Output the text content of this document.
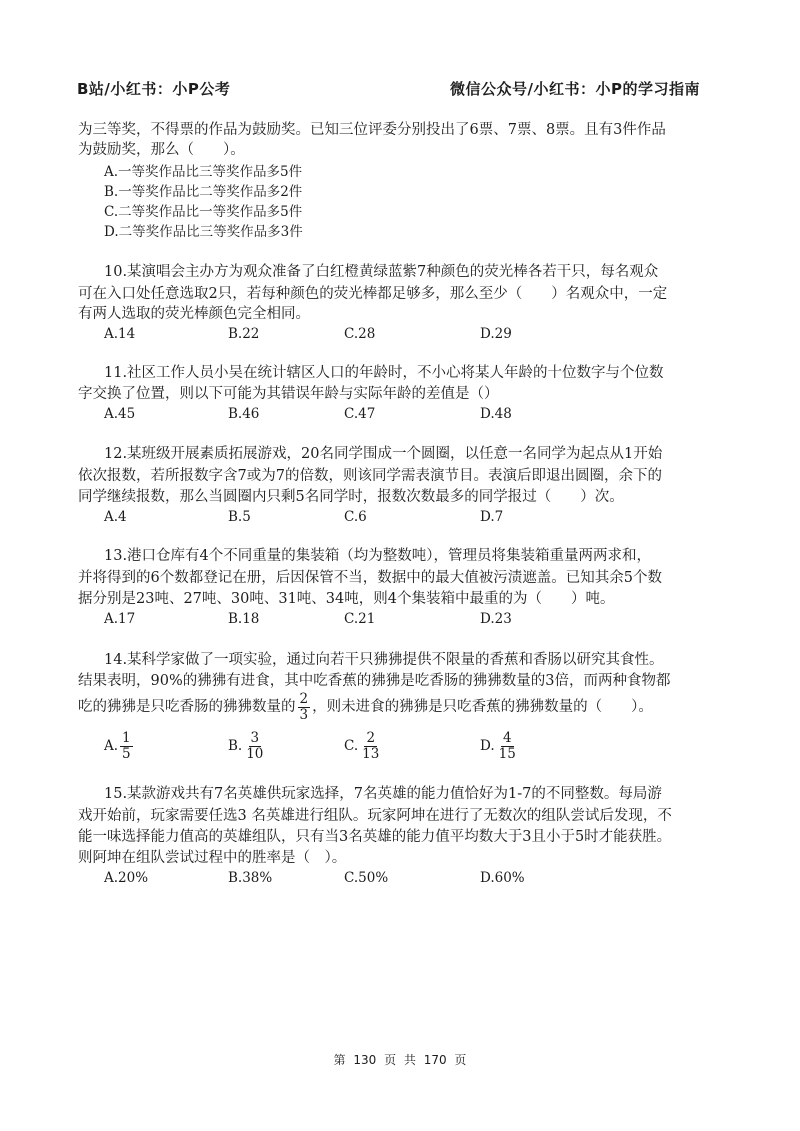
B站/小红书：小P公考	微信公众号/小红书：小P的学习指南
为三等奖，不得票的作品为鼓励奖。已知三位评委分别投出了6票、7票、8票。且有3件作品
为鼓励奖，那么（　　）。
A.一等奖作品比三等奖作品多5件
B.一等奖作品比二等奖作品多2件
C.二等奖作品比一等奖作品多5件
D.二等奖作品比三等奖作品多3件
10.某演唱会主办方为观众准备了白红橙黄绿蓝紫7种颜色的荧光棒各若干只，每名观众
可在入口处任意选取2只，若每种颜色的荧光棒都足够多，那么至少（　　）名观众中，一定
有两人选取的荧光棒颜色完全相同。
A.14	B.22	C.28	D.29
11.社区工作人员小吴在统计辖区人口的年龄时，不小心将某人年龄的十位数字与个位数
字交换了位置，则以下可能为其错误年龄与实际年龄的差值是（）
A.45	B.46	C.47	D.48
12.某班级开展素质拓展游戏，20名同学围成一个圆圈，以任意一名同学为起点从1开始
依次报数，若所报数字含7或为7的倍数，则该同学需表演节目。表演后即退出圆圈，余下的
同学继续报数，那么当圆圈内只剩5名同学时，报数次数最多的同学报过（　　）次。
A.4	B.5	C.6	D.7
13.港口仓库有4个不同重量的集装箱（均为整数吨），管理员将集装箱重量两两求和，
并将得到的6个数都登记在册，后因保管不当，数据中的最大值被污渍遮盖。已知其余5个数
据分别是23吨、27吨、30吨、31吨、34吨，则4个集装箱中最重的为（　　）吨。
A.17	B.18	C.21	D.23
14.某科学家做了一项实验，通过向若干只狒狒提供不限量的香蕉和香肠以研究其食性。
结果表明，90%的狒狒有进食，其中吃香蕉的狒狒是吃香肠的狒狒数量的3倍，而两种食物都
吃的狒狒是只吃香肠的狒狒数量的 $\frac{2}{3}$ ，则未进食的狒狒是只吃香蕉的狒狒数量的（　　）。
A. $\frac{1}{5}$	B. $\frac{3}{10}$	C. $\frac{2}{13}$	D. $\frac{4}{15}$
15.某款游戏共有7名英雄供玩家选择，7名英雄的能力值恰好为1-7的不同整数。每局游
戏开始前，玩家需要任选3 名英雄进行组队。玩家阿坤在进行了无数次的组队尝试后发现，不
能一味选择能力值高的英雄组队，只有当3名英雄的能力值平均数大于3且小于5时才能获胜。
则阿坤在组队尝试过程中的胜率是（　）。
A.20%	B.38%	C.50%	D.60%
第 130 页 共 170 页
